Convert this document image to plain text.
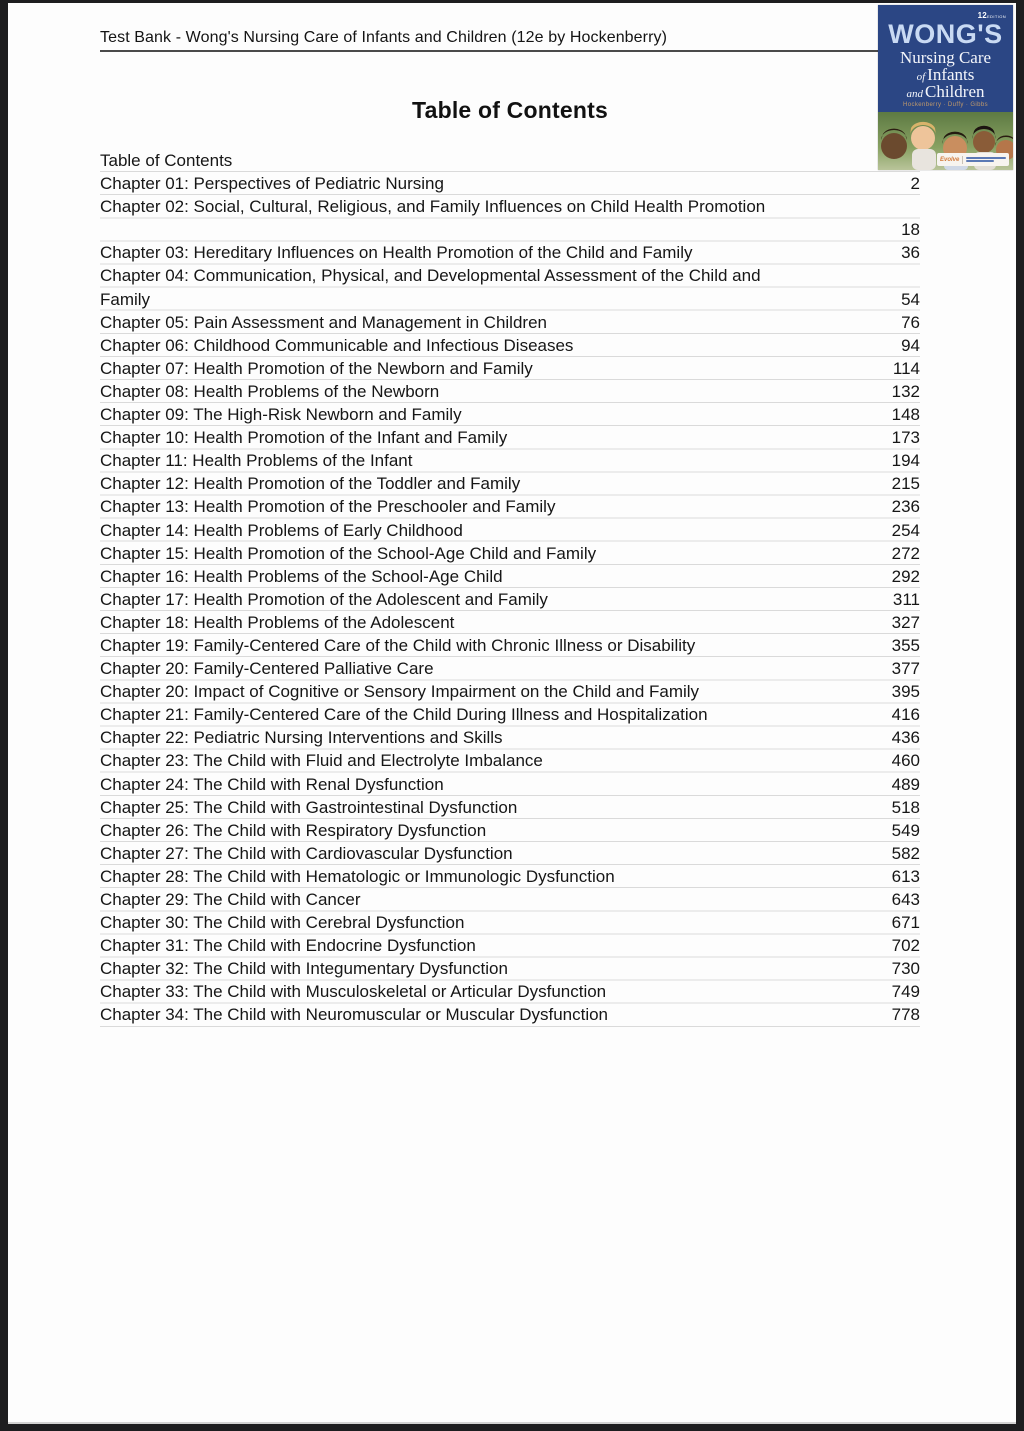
Test Bank - Wong's Nursing Care of Infants and Children (12e by Hockenberry)
Table of Contents
Table of Contents
Chapter 01: Perspectives of Pediatric Nursing	2
Chapter 02: Social, Cultural, Religious, and Family Influences on Child Health Promotion
18
Chapter 03: Hereditary Influences on Health Promotion of the Child and Family	36
Chapter 04: Communication, Physical, and Developmental Assessment of the Child and
Family	54
Chapter 05: Pain Assessment and Management in Children	76
Chapter 06: Childhood Communicable and Infectious Diseases	94
Chapter 07: Health Promotion of the Newborn and Family	114
Chapter 08: Health Problems of the Newborn	132
Chapter 09: The High-Risk Newborn and Family	148
Chapter 10: Health Promotion of the Infant and Family	173
Chapter 11: Health Problems of the Infant	194
Chapter 12: Health Promotion of the Toddler and Family	215
Chapter 13: Health Promotion of the Preschooler and Family	236
Chapter 14: Health Problems of Early Childhood	254
Chapter 15: Health Promotion of the School-Age Child and Family	272
Chapter 16: Health Problems of the School-Age Child	292
Chapter 17: Health Promotion of the Adolescent and Family	311
Chapter 18: Health Problems of the Adolescent	327
Chapter 19: Family-Centered Care of the Child with Chronic Illness or Disability	355
Chapter 20: Family-Centered Palliative Care	377
Chapter 20: Impact of Cognitive or Sensory Impairment on the Child and Family	395
Chapter 21: Family-Centered Care of the Child During Illness and Hospitalization	416
Chapter 22: Pediatric Nursing Interventions and Skills	436
Chapter 23: The Child with Fluid and Electrolyte Imbalance	460
Chapter 24: The Child with Renal Dysfunction	489
Chapter 25: The Child with Gastrointestinal Dysfunction	518
Chapter 26: The Child with Respiratory Dysfunction	549
Chapter 27: The Child with Cardiovascular Dysfunction	582
Chapter 28: The Child with Hematologic or Immunologic Dysfunction	613
Chapter 29: The Child with Cancer	643
Chapter 30: The Child with Cerebral Dysfunction	671
Chapter 31: The Child with Endocrine Dysfunction	702
Chapter 32: The Child with Integumentary Dysfunction	730
Chapter 33: The Child with Musculoskeletal or Articular Dysfunction	749
Chapter 34: The Child with Neuromuscular or Muscular Dysfunction	778
12EDITION
WONG'S
Nursing Care
of Infants
and Children
Hockenberry · Duffy · Gibbs
Evolve
